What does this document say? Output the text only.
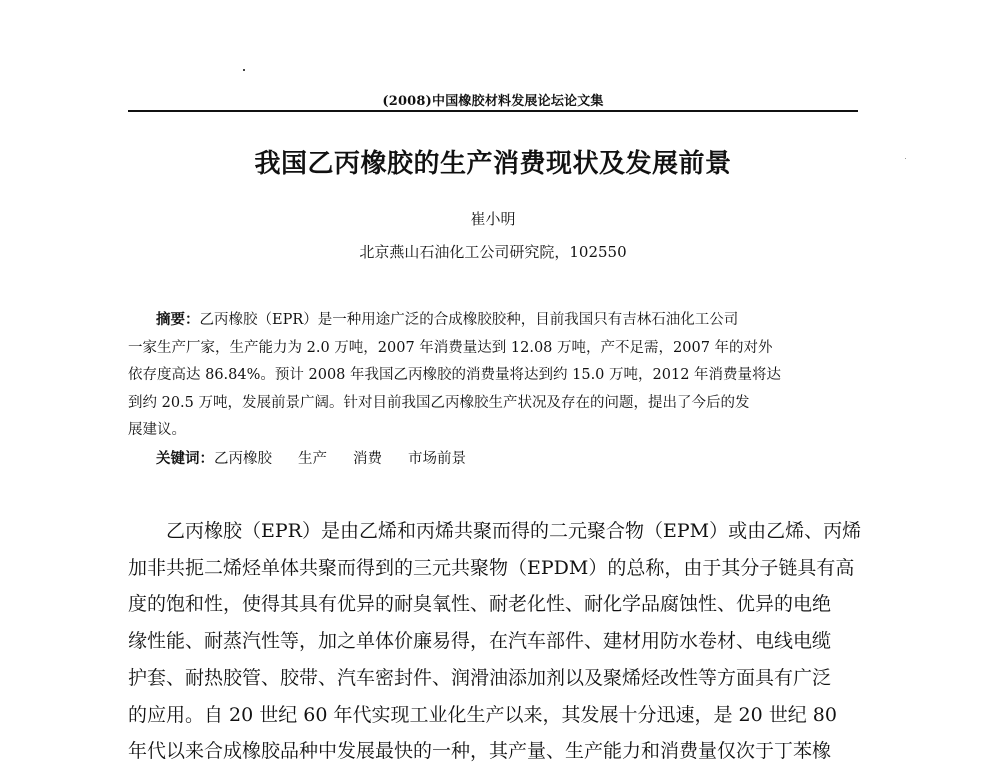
(2008)中国橡胶材料发展论坛论文集
我国乙丙橡胶的生产消费现状及发展前景
崔小明
北京燕山石油化工公司研究院，102550
摘要：乙丙橡胶（EPR）是一种用途广泛的合成橡胶胶种，目前我国只有吉林石油化工公司
一家生产厂家，生产能力为 2.0 万吨，2007 年消费量达到 12.08 万吨，产不足需，2007 年的对外
依存度高达 86.84%。预计 2008 年我国乙丙橡胶的消费量将达到约 15.0 万吨，2012 年消费量将达
到约 20.5 万吨，发展前景广阔。针对目前我国乙丙橡胶生产状况及存在的问题，提出了今后的发
展建议。
关键词：乙丙橡胶 生产 消费 市场前景
乙丙橡胶（EPR）是由乙烯和丙烯共聚而得的二元聚合物（EPM）或由乙烯、丙烯
加非共扼二烯烃单体共聚而得到的三元共聚物（EPDM）的总称，由于其分子链具有高
度的饱和性，使得其具有优异的耐臭氧性、耐老化性、耐化学品腐蚀性、优异的电绝
缘性能、耐蒸汽性等，加之单体价廉易得，在汽车部件、建材用防水卷材、电线电缆
护套、耐热胶管、胶带、汽车密封件、润滑油添加剂以及聚烯烃改性等方面具有广泛
的应用。自 20 世纪 60 年代实现工业化生产以来，其发展十分迅速，是 20 世纪 80
年代以来合成橡胶品种中发展最快的一种，其产量、生产能力和消费量仅次于丁苯橡
